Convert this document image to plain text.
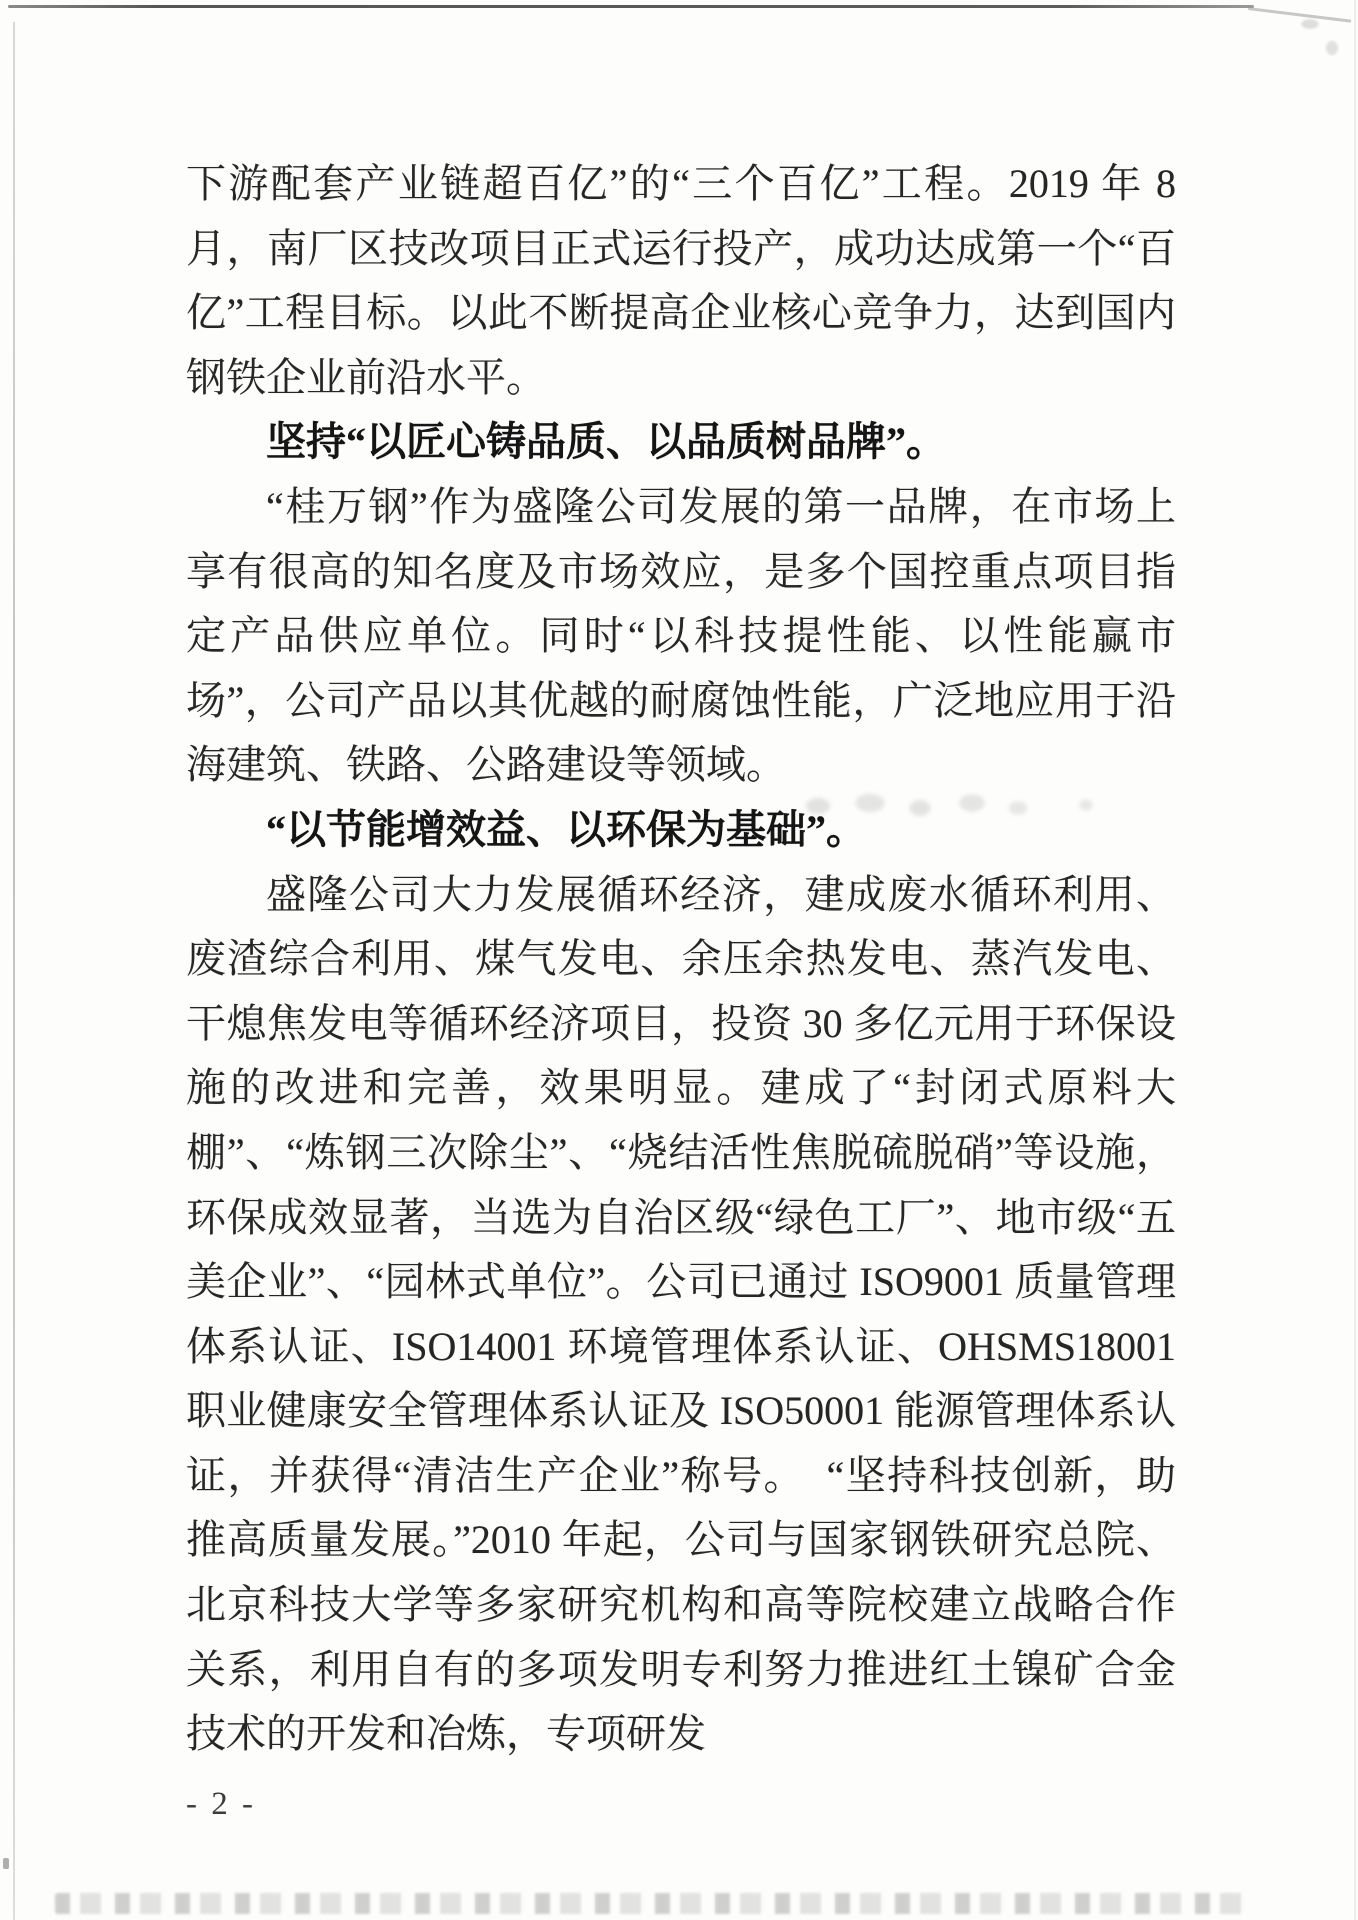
下游配套产业链超百亿”的“三个百亿”工程。2019 年 8 月，南厂区技改项目正式运行投产，成功达成第一个“百亿”工程目标。以此不断提高企业核心竞争力，达到国内钢铁企业前沿水平。

坚持“以匠心铸品质、以品质树品牌”。

“桂万钢”作为盛隆公司发展的第一品牌，在市场上享有很高的知名度及市场效应，是多个国控重点项目指定产品供应单位。同时“以科技提性能、以性能赢市场”，公司产品以其优越的耐腐蚀性能，广泛地应用于沿海建筑、铁路、公路建设等领域。

“以节能增效益、以环保为基础”。

盛隆公司大力发展循环经济，建成废水循环利用、废渣综合利用、煤气发电、余压余热发电、蒸汽发电、干熄焦发电等循环经济项目，投资 30 多亿元用于环保设施的改进和完善，效果明显。建成了“封闭式原料大棚”、“炼钢三次除尘”、“烧结活性焦脱硫脱硝”等设施，环保成效显著，当选为自治区级“绿色工厂”、地市级“五美企业”、“园林式单位”。公司已通过 ISO9001 质量管理体系认证、ISO14001 环境管理体系认证、OHSMS18001 职业健康安全管理体系认证及 ISO50001 能源管理体系认证，并获得“清洁生产企业”称号。　“坚持科技创新，助推高质量发展。”2010 年起，公司与国家钢铁研究总院、北京科技大学等多家研究机构和高等院校建立战略合作关系，利用自有的多项发明专利努力推进红土镍矿合金技术的开发和冶炼，专项研发

- 2 -
